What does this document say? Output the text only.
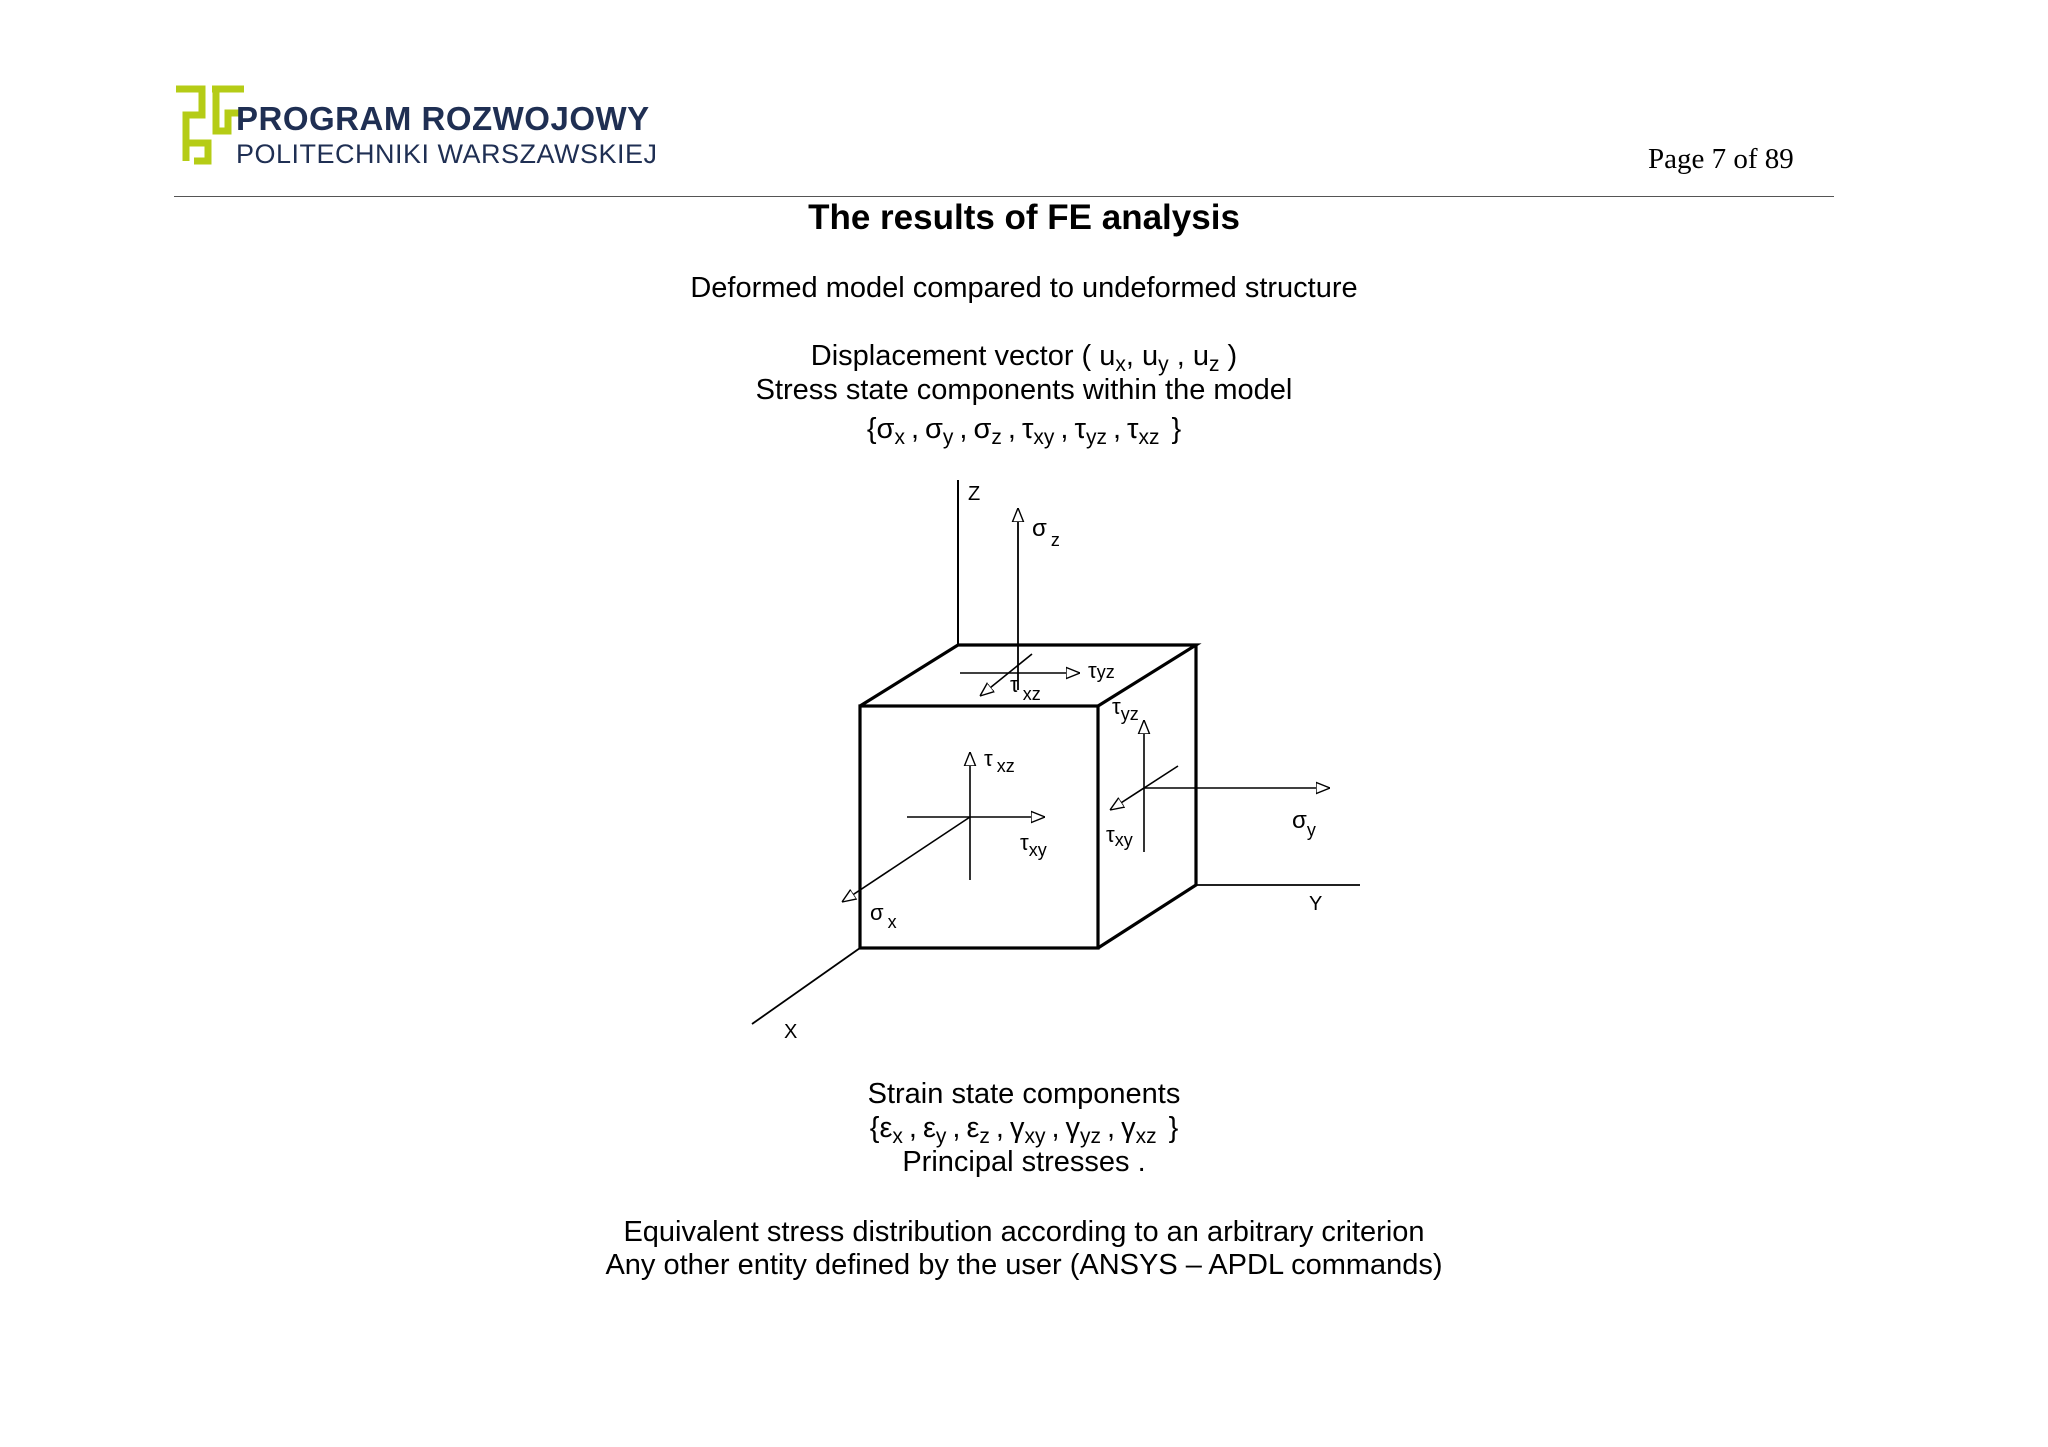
PROGRAM ROZWOJOWY
POLITECHNIKI WARSZAWSKIEJ	Page 7 of 89
The results of FE analysis
Deformed model compared to undeformed structure
Displacement vector ( $u_x$, $u_y$ , $u_z$ )
Stress state components within the model
{$\sigma_x$ , $\sigma_y$ , $\sigma_z$ , $\tau_{xy}$ , $\tau_{yz}$ , $\tau_{xz}$ }
Z
Y
X
σ $_z$
τyz
τ $_{xz}$
τ $_{xz}$
$\tau_{xy}$
σ $_x$
$\tau_{yz}$
τxy
$\sigma_y$
Strain state components
{$\varepsilon_x$ , $\varepsilon_y$ , $\varepsilon_z$ , $\gamma_{xy}$ , $\gamma_{yz}$ , $\gamma_{xz}$ }
Principal stresses .
Equivalent stress distribution according to an arbitrary criterion
Any other entity defined by the user (ANSYS – APDL commands)
